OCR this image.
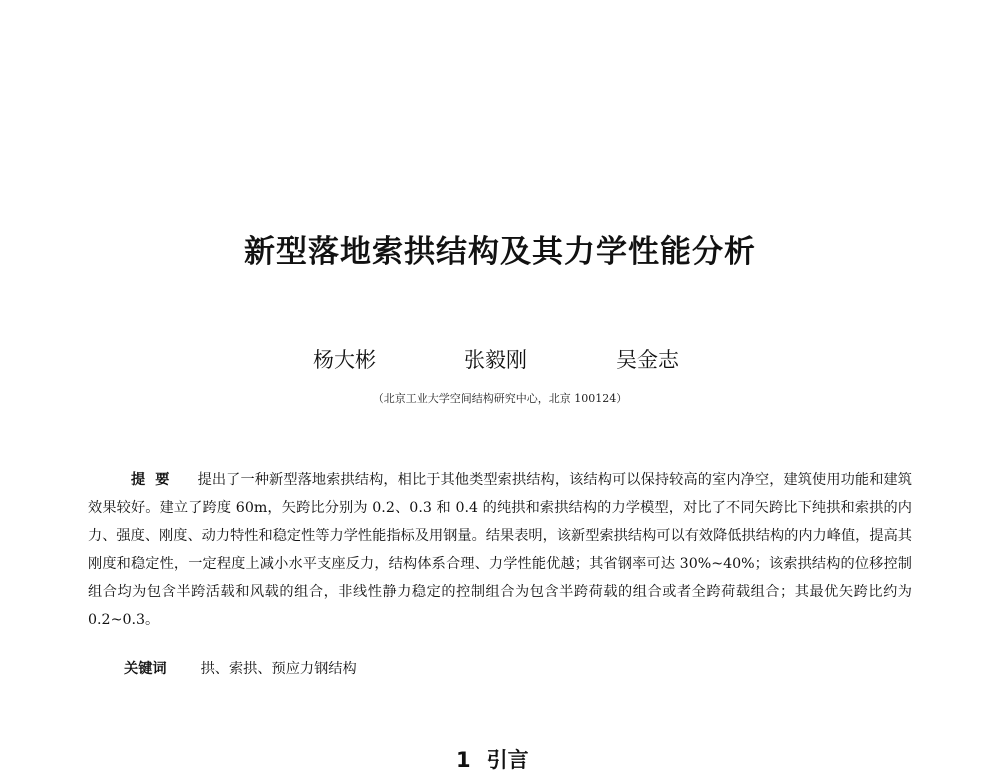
新型落地索拱结构及其力学性能分析
杨大彬	张毅刚	吴金志
（北京工业大学空间结构研究中心，北京 100124）
提要 提出了一种新型落地索拱结构，相比于其他类型索拱结构，该结构可以保持较高的室内净空，建筑使用功能和建筑效果较好。建立了跨度 60m，矢跨比分别为 0.2、0.3 和 0.4 的纯拱和索拱结构的力学模型，对比了不同矢跨比下纯拱和索拱的内力、强度、刚度、动力特性和稳定性等力学性能指标及用钢量。结果表明，该新型索拱结构可以有效降低拱结构的内力峰值，提高其刚度和稳定性，一定程度上减小水平支座反力，结构体系合理、力学性能优越；其省钢率可达 30%~40%；该索拱结构的位移控制组合均为包含半跨活载和风载的组合，非线性静力稳定的控制组合为包含半跨荷载的组合或者全跨荷载组合；其最优矢跨比约为 0.2~0.3。
关键词 拱、索拱、预应力钢结构
1 引言
